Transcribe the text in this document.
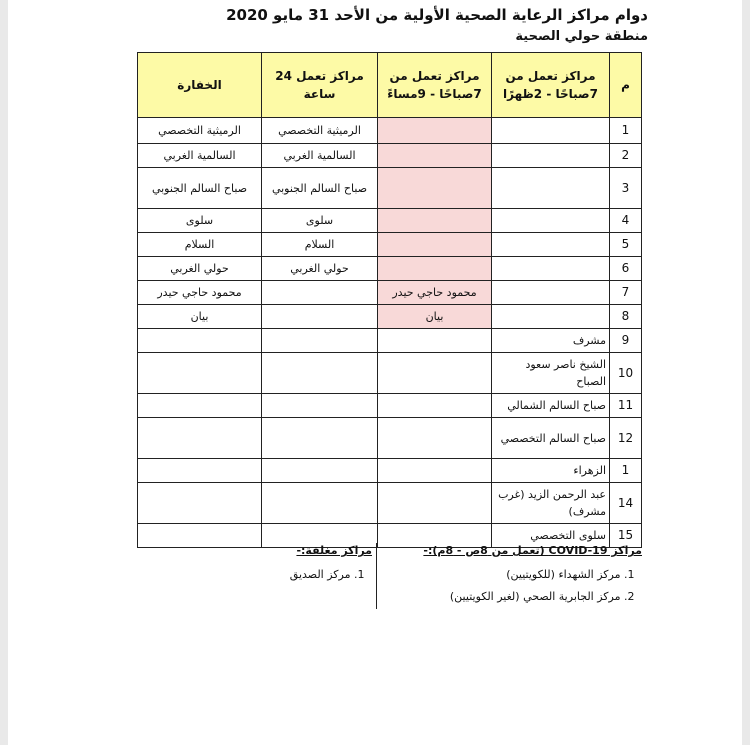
دوام مراكز الرعاية الصحية الأولية من الأحد 31 مايو 2020
منطقة حولي الصحية
م	مراكز تعمل من 7صباحًا - 2ظهرًا	مراكز تعمل من 7صباحًا - 9مساءً	مراكز تعمل 24 ساعة	الخفارة
1			الرميثية التخصصي	الرميثية التخصصي
2			السالمية الغربي	السالمية الغربي
3			صباح السالم الجنوبي	صباح السالم الجنوبي
4			سلوى	سلوى
5			السلام	السلام
6			حولي الغربي	حولي الغربي
7		محمود حاجي حيدر		محمود حاجي حيدر
8		بيان		بيان
9	مشرف			
10	الشيخ ناصر سعود الصباح			
11	صباح السالم الشمالي			
12	صباح السالم التخصصي			
1	الزهراء			
14	عبد الرحمن الزيد (غرب مشرف)			
15	سلوى التخصصي			
مراكز COVID-19 (تعمل من 8ص - 8م):-
مراكز مغلقة:-
1. مركز الشهداء (للكويتيين)
2. مركز الجابرية الصحي (لغير الكويتيين)
1. مركز الصديق
